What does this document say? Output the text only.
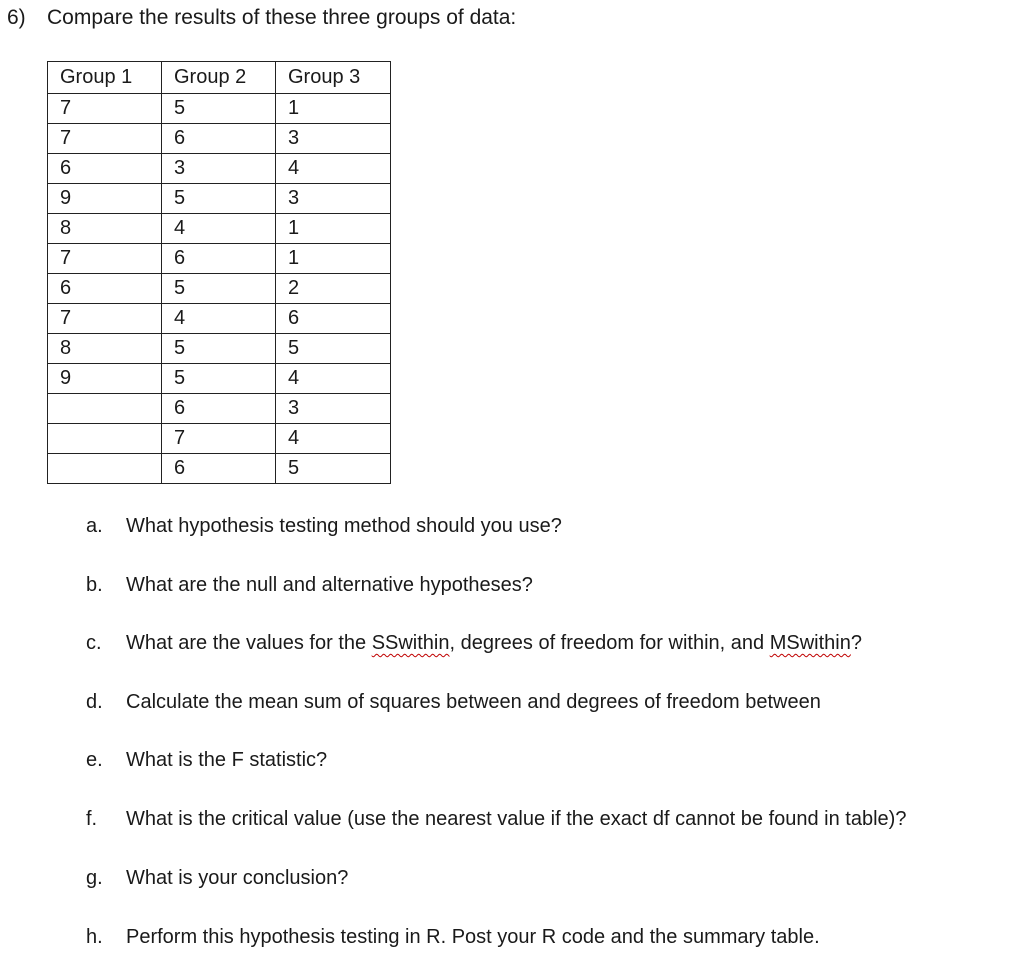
6) Compare the results of these three groups of data:
Group 1	Group 2	Group 3
7	5	1
7	6	3
6	3	4
9	5	3
8	4	1
7	6	1
6	5	2
7	4	6
8	5	5
9	5	4
	6	3
	7	4
	6	5
a. What hypothesis testing method should you use?
b. What are the null and alternative hypotheses?
c. What are the values for the SSwithin, degrees of freedom for within, and MSwithin?
d. Calculate the mean sum of squares between and degrees of freedom between
e. What is the F statistic?
f. What is the critical value (use the nearest value if the exact df cannot be found in table)?
g. What is your conclusion?
h. Perform this hypothesis testing in R. Post your R code and the summary table.
